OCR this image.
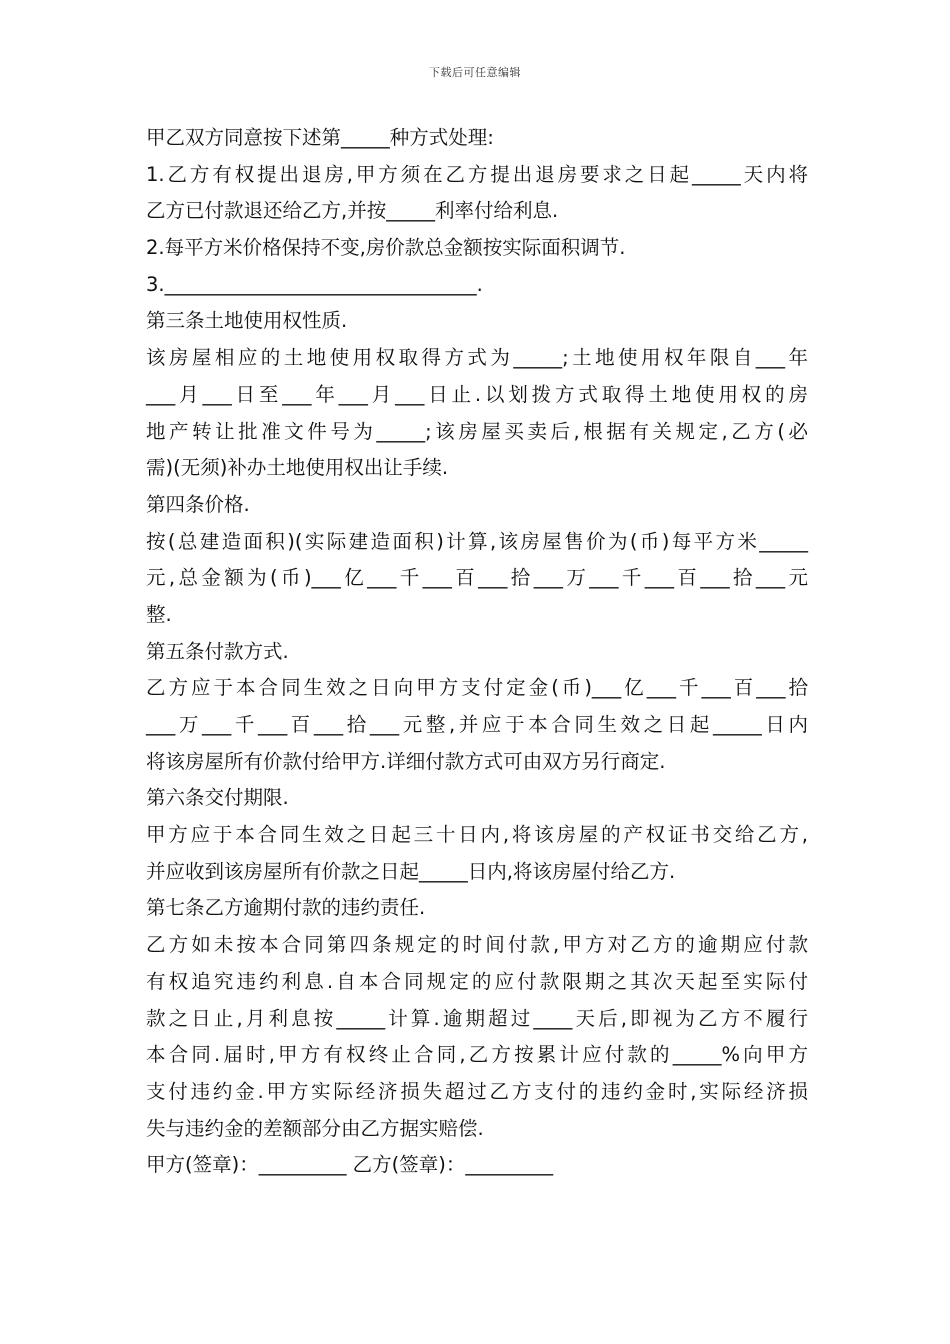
下载后可任意编辑
甲乙双方同意按下述第_____种方式处理:
1.乙方有权提出退房,甲方须在乙方提出退房要求之日起_____天内将
乙方已付款退还给乙方,并按_____利率付给利息.
2.每平方米价格保持不变,房价款总金额按实际面积调节.
3.________________________________.
第三条土地使用权性质.
该房屋相应的土地使用权取得方式为_____;土地使用权年限自___年
___月___日至___年___月___日止.以划拨方式取得土地使用权的房
地产转让批准文件号为_____;该房屋买卖后,根据有关规定,乙方(必
需)(无须)补办土地使用权出让手续.
第四条价格.
按(总建造面积)(实际建造面积)计算,该房屋售价为(币)每平方米_____
元,总金额为(币)___亿___千___百___拾___万___千___百___拾___元
整.
第五条付款方式.
乙方应于本合同生效之日向甲方支付定金(币)___亿___千___百___拾
___万___千___百___拾___元整,并应于本合同生效之日起_____日内
将该房屋所有价款付给甲方.详细付款方式可由双方另行商定.
第六条交付期限.
甲方应于本合同生效之日起三十日内,将该房屋的产权证书交给乙方,
并应收到该房屋所有价款之日起_____日内,将该房屋付给乙方.
第七条乙方逾期付款的违约责任.
乙方如未按本合同第四条规定的时间付款,甲方对乙方的逾期应付款
有权追究违约利息.自本合同规定的应付款限期之其次天起至实际付
款之日止,月利息按_____计算.逾期超过____天后,即视为乙方不履行
本合同.届时,甲方有权终止合同,乙方按累计应付款的_____%向甲方
支付违约金.甲方实际经济损失超过乙方支付的违约金时,实际经济损
失与违约金的差额部分由乙方据实赔偿.
甲方(签章)：_________ 乙方(签章)：_________
